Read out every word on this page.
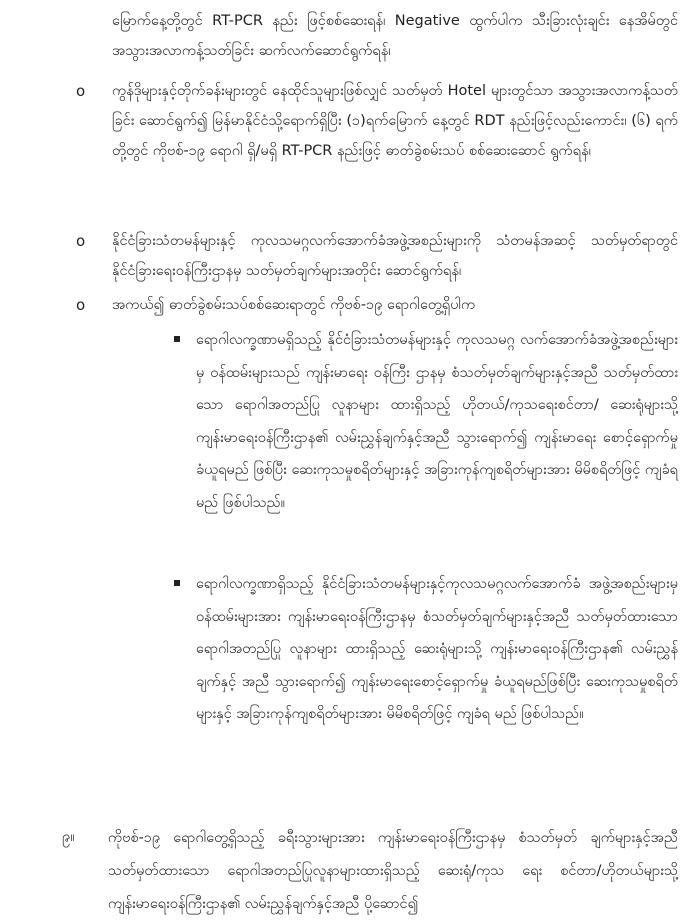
မြောက်နေ့တို့တွင် RT-PCR နည်း ဖြင့်စစ်ဆေးရန်၊ Negative ထွက်ပါက သီးခြားလုံးချင်း နေအိမ်တွင် အသွားအလာကန့်သတ်ခြင်း ဆက်လက်ဆောင်ရွက်ရန်၊
o ကွန်ဒိုများနှင့်တိုက်ခန်းများတွင် နေထိုင်သူများဖြစ်လျှင် သတ်မှတ် Hotel များတွင်သာ အသွားအလာကန့်သတ်ခြင်း ဆောင်ရွက်၍ မြန်မာနိုင်ငံသို့ရောက်ရှိပြီး (၁)ရက်မြောက် နေ့တွင် RDT နည်းဖြင့်လည်းကောင်း၊ (၆) ရက် တို့တွင် ကိုဗစ်-၁၉ ရောဂါ ရှိ/မရှိ RT-PCR နည်းဖြင့် ဓာတ်ခွဲစမ်းသပ် စစ်ဆေးဆောင် ရွက်ရန်၊
o နိုင်ငံခြားသံတမန်များနှင့် ကုလသမဂ္ဂလက်အောက်ခံအဖွဲ့အစည်းများကို သံတမန်အဆင့် သတ်မှတ်ရာတွင် နိုင်ငံခြားရေးဝန်ကြီးဌာနမှ သတ်မှတ်ချက်များအတိုင်း ဆောင်ရွက်ရန်၊
o အကယ်၍ ဓာတ်ခွဲစမ်းသပ်စစ်ဆေးရာတွင် ကိုဗစ်-၁၉ ရောဂါတွေ့ရှိပါက
ရောဂါလက္ခဏာမရှိသည့် နိုင်ငံခြားသံတမန်များနှင့် ကုလသမဂ္ဂ လက်အောက်ခံအဖွဲ့အစည်းများမှ ဝန်ထမ်းများသည် ကျန်းမာရေး ဝန်ကြီး ဌာနမှ စံသတ်မှတ်ချက်များနှင့်အညီ သတ်မှတ်ထားသော ရောဂါအတည်ပြု လူနာများ ထားရှိသည့် ဟိုတယ်/ကုသရေးစင်တာ/ ဆေးရုံများသို့ ကျန်းမာရေးဝန်ကြီးဌာန၏ လမ်းညွှန်ချက်နှင့်အညီ သွားရောက်၍ ကျန်းမာရေး စောင့်ရှောက်မှုခံယူရမည် ဖြစ်ပြီး ဆေးကုသမှုစရိတ်များနှင့် အခြားကုန်ကျစရိတ်များအား မိမိစရိတ်ဖြင့် ကျခံရမည် ဖြစ်ပါသည်။
ရောဂါလက္ခဏာရှိသည့် နိုင်ငံခြားသံတမန်များနှင့်ကုလသမဂ္ဂလက်အောက်ခံ အဖွဲ့အစည်းများမှ ဝန်ထမ်းများအား ကျန်းမာရေးဝန်ကြီးဌာနမှ စံသတ်မှတ်ချက်များနှင့်အညီ သတ်မှတ်ထားသော ရောဂါအတည်ပြု လူနာများ ထားရှိသည့် ဆေးရုံများသို့ ကျန်းမာရေးဝန်ကြီးဌာန၏ လမ်းညွှန်ချက်နှင့် အညီ သွားရောက်၍ ကျန်းမာရေးစောင့်ရှောက်မှု ခံယူရမည်ဖြစ်ပြီး ဆေးကုသမှုစရိတ်များနှင့် အခြားကုန်ကျစရိတ်များအား မိမိစရိတ်ဖြင့် ကျခံရ မည် ဖြစ်ပါသည်။
၉။ ကိုဗစ်-၁၉ ရောဂါတွေ့ရှိသည့် ခရီးသွားများအား ကျန်းမာရေးဝန်ကြီးဌာနမှ စံသတ်မှတ် ချက်များနှင့်အညီ သတ်မှတ်ထားသော ရောဂါအတည်ပြုလူနာများထားရှိသည့် ဆေးရုံ/ကုသ ရေး စင်တာ/ဟိုတယ်များသို့ ကျန်းမာရေးဝန်ကြီးဌာန၏ လမ်းညွှန်ချက်နှင့်အညီ ပို့ဆောင်၍
